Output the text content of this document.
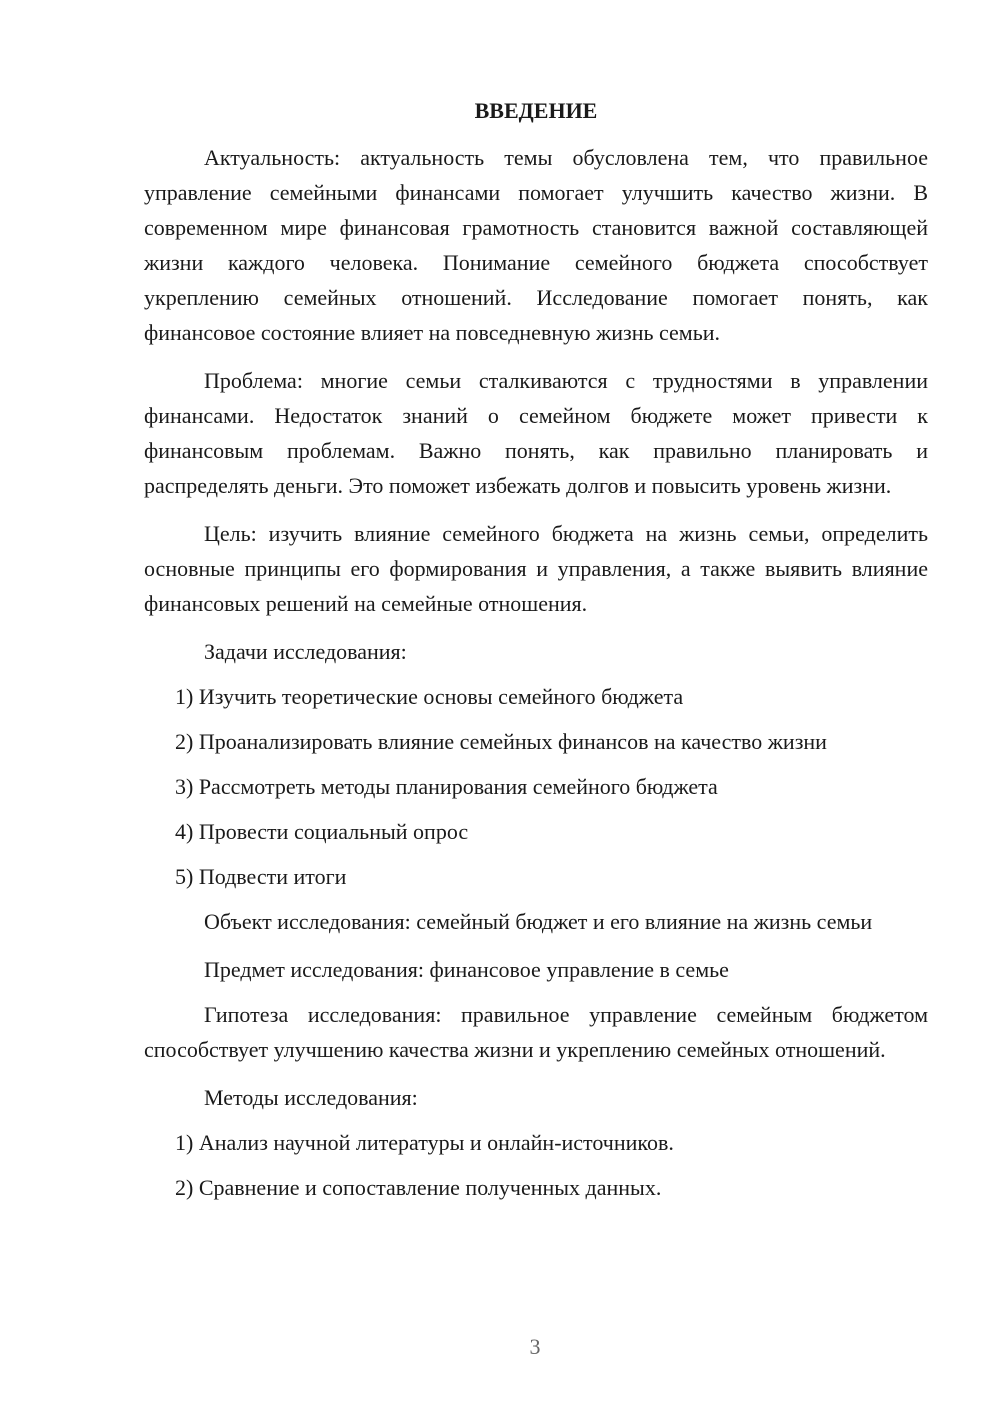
ВВЕДЕНИЕ

Актуальность: актуальность темы обусловлена тем, что правильное управление семейными финансами помогает улучшить качество жизни. В современном мире финансовая грамотность становится важной составляющей жизни каждого человека. Понимание семейного бюджета способствует укреплению семейных отношений. Исследование помогает понять, как финансовое состояние влияет на повседневную жизнь семьи.

Проблема: многие семьи сталкиваются с трудностями в управлении финансами. Недостаток знаний о семейном бюджете может привести к финансовым проблемам. Важно понять, как правильно планировать и распределять деньги. Это поможет избежать долгов и повысить уровень жизни.

Цель: изучить влияние семейного бюджета на жизнь семьи, определить основные принципы его формирования и управления, а также выявить влияние финансовых решений на семейные отношения.

Задачи исследования:

1) Изучить теоретические основы семейного бюджета

2) Проанализировать влияние семейных финансов на качество жизни

3) Рассмотреть методы планирования семейного бюджета

4) Провести социальный опрос

5) Подвести итоги

Объект исследования: семейный бюджет и его влияние на жизнь семьи

Предмет исследования: финансовое управление в семье

Гипотеза исследования: правильное управление семейным бюджетом способствует улучшению качества жизни и укреплению семейных отношений.

Методы исследования:

1) Анализ научной литературы и онлайн-источников.

2) Сравнение и сопоставление полученных данных.

3
